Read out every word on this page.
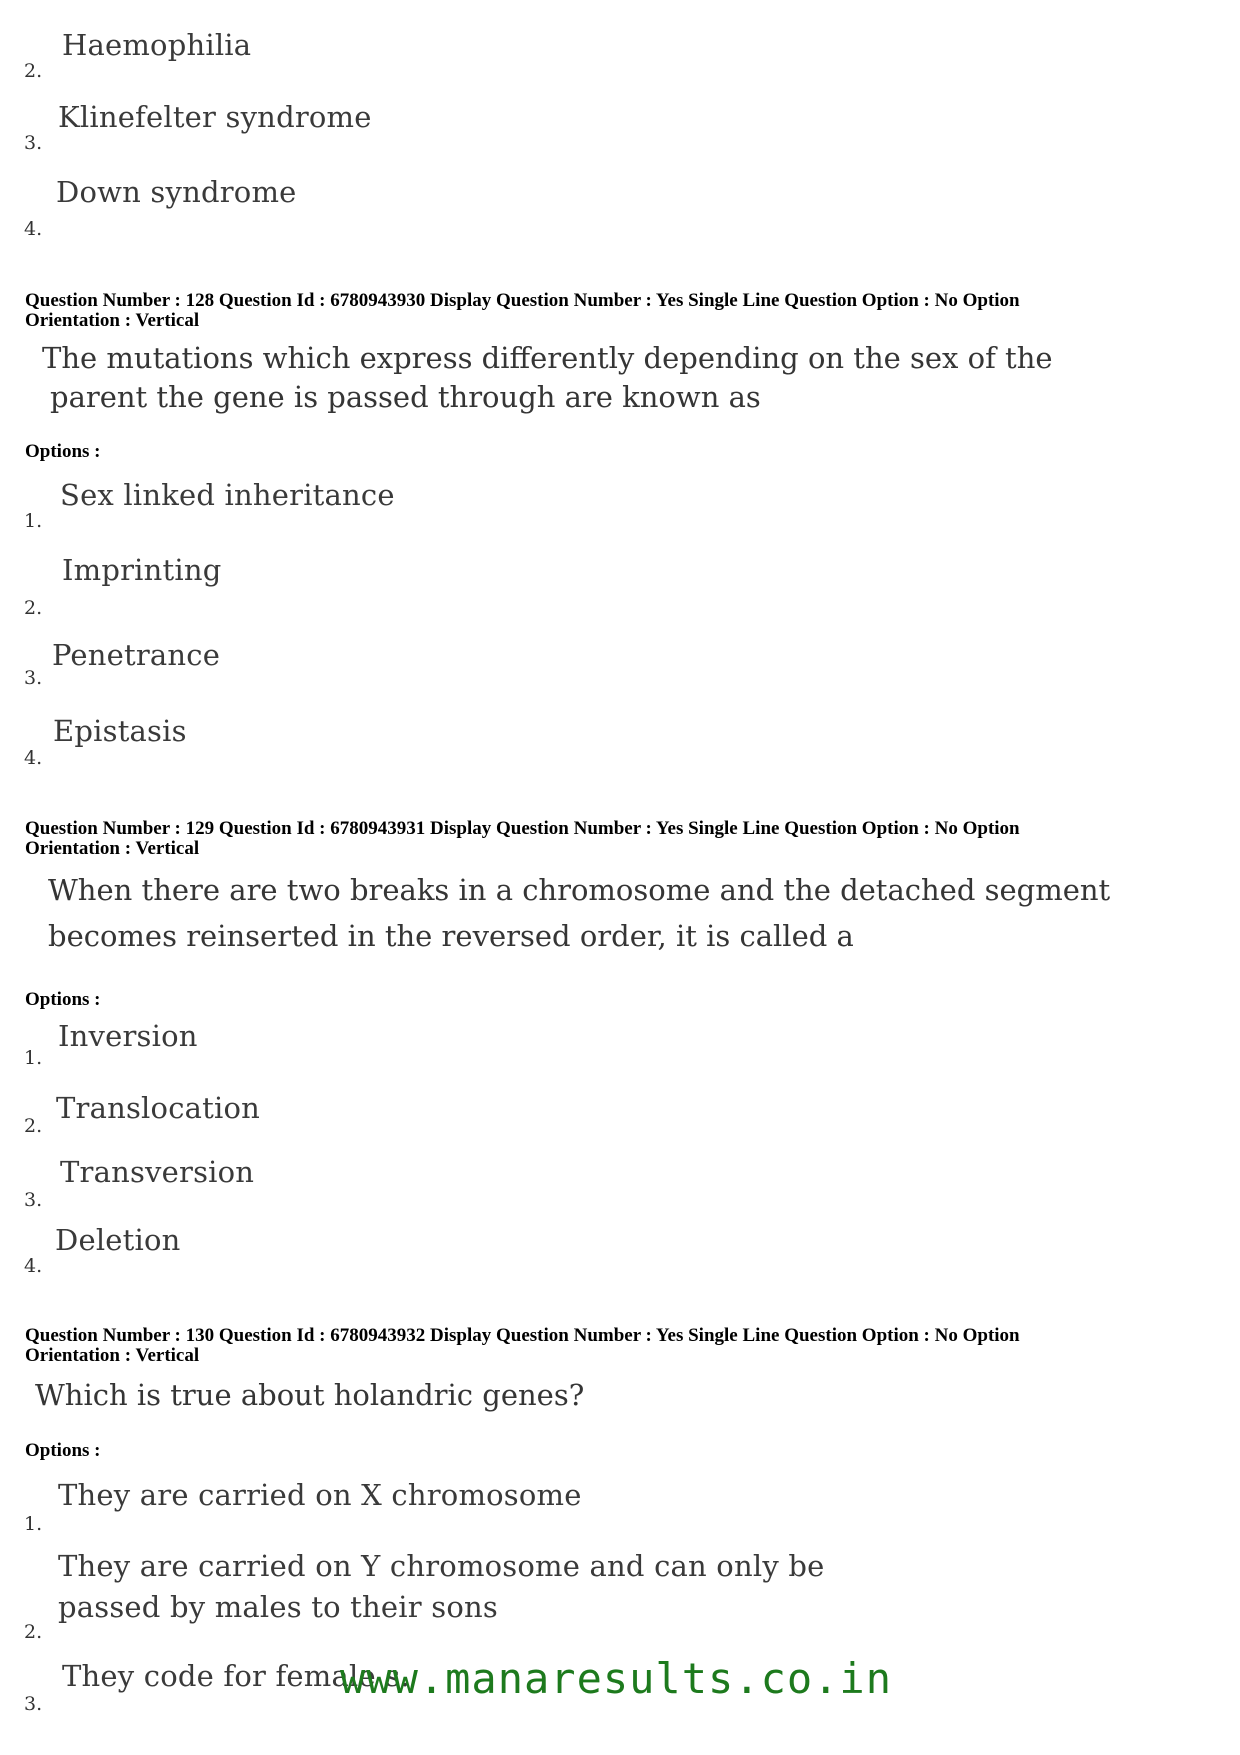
Haemophilia
2.
Klinefelter syndrome
3.
Down syndrome
4.
Question Number : 128 Question Id : 6780943930 Display Question Number : Yes Single Line Question Option : No Option
Orientation : Vertical
The mutations which express differently depending on the sex of the
parent the gene is passed through are known as
Options :
Sex linked inheritance
1.
Imprinting
2.
Penetrance
3.
Epistasis
4.
Question Number : 129 Question Id : 6780943931 Display Question Number : Yes Single Line Question Option : No Option
Orientation : Vertical
When there are two breaks in a chromosome and the detached segment
becomes reinserted in the reversed order, it is called a
Options :
Inversion
1.
Translocation
2.
Transversion
3.
Deletion
4.
Question Number : 130 Question Id : 6780943932 Display Question Number : Yes Single Line Question Option : No Option
Orientation : Vertical
Which is true about holandric genes?
Options :
They are carried on X chromosome
1.
They are carried on Y chromosome and can only be
passed by males to their sons
2.
They code for female s.
3.
www.manaresults.co.in
